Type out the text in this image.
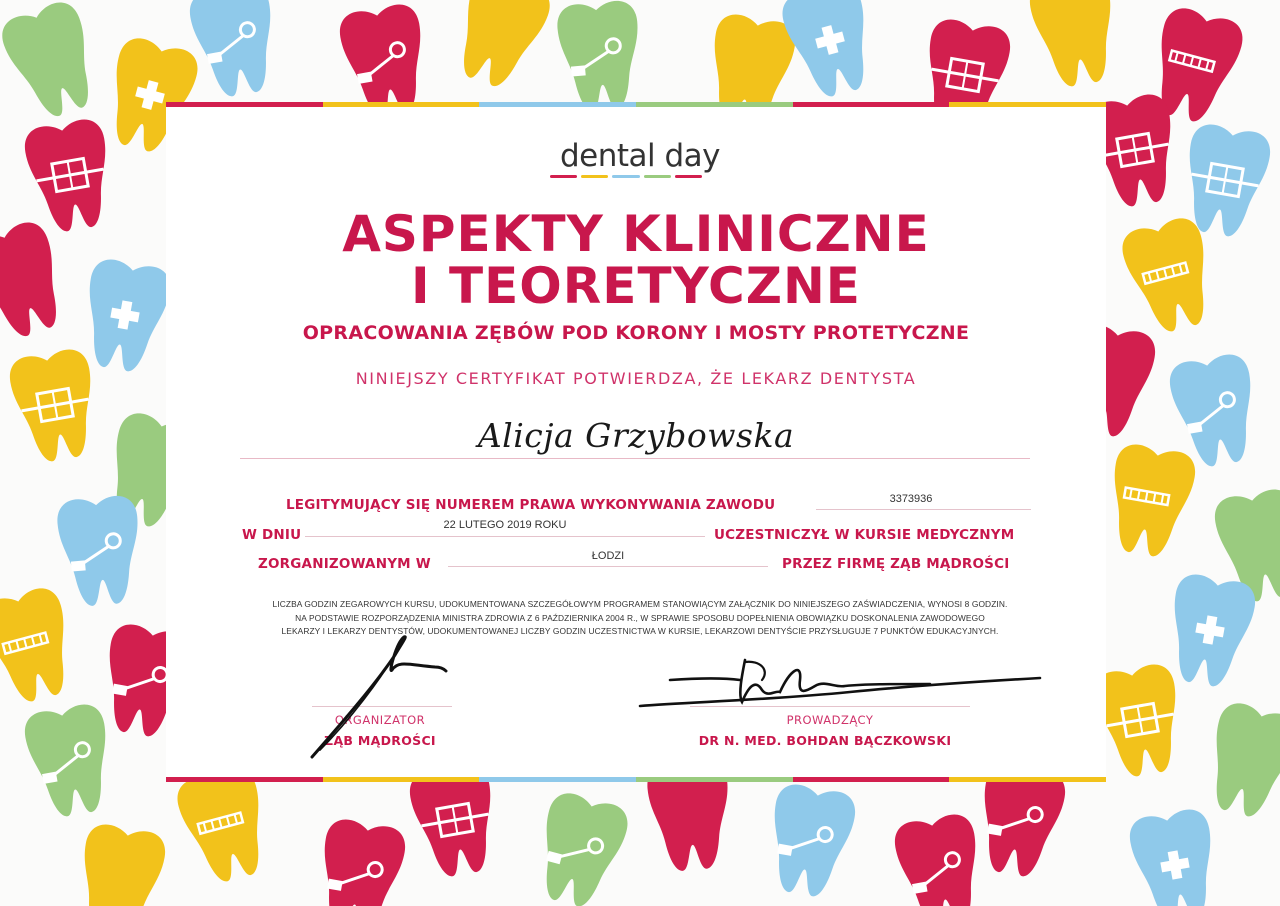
dental day
ASPEKTY KLINICZNE
I TEORETYCZNE
OPRACOWANIA ZĘBÓW POD KORONY I MOSTY PROTETYCZNE
NINIEJSZY CERTYFIKAT POTWIERDZA, ŻE LEKARZ DENTYSTA
Alicja Grzybowska
LEGITYMUJĄCY SIĘ NUMEREM PRAWA WYKONYWANIA ZAWODU	3373936
W DNIU
22 LUTEGO 2019 ROKU
UCZESTNICZYŁ W KURSIE MEDYCZNYM
ZORGANIZOWANYM W	ŁODZI	PRZEZ FIRMĘ ZĄB MĄDROŚCI
LICZBA GODZIN ZEGAROWYCH KURSU, UDOKUMENTOWANA SZCZEGÓŁOWYM PROGRAMEM STANOWIĄCYM ZAŁĄCZNIK DO NINIEJSZEGO ZAŚWIADCZENIA, WYNOSI 8 GODZIN.
NA PODSTAWIE ROZPORZĄDZENIA MINISTRA ZDROWIA Z 6 PAŹDZIERNIKA 2004 R., W SPRAWIE SPOSOBU DOPEŁNIENIA OBOWIĄZKU DOSKONALENIA ZAWODOWEGO
LEKARZY I LEKARZY DENTYSTÓW, UDOKUMENTOWANEJ LICZBY GODZIN UCZESTNICTWA W KURSIE, LEKARZOWI DENTYŚCIE PRZYSŁUGUJE 7 PUNKTÓW EDUKACYJNYCH.
ORGANIZATOR
ZĄB MĄDROŚCI
PROWADZĄCY
DR N. MED. BOHDAN BĄCZKOWSKI
